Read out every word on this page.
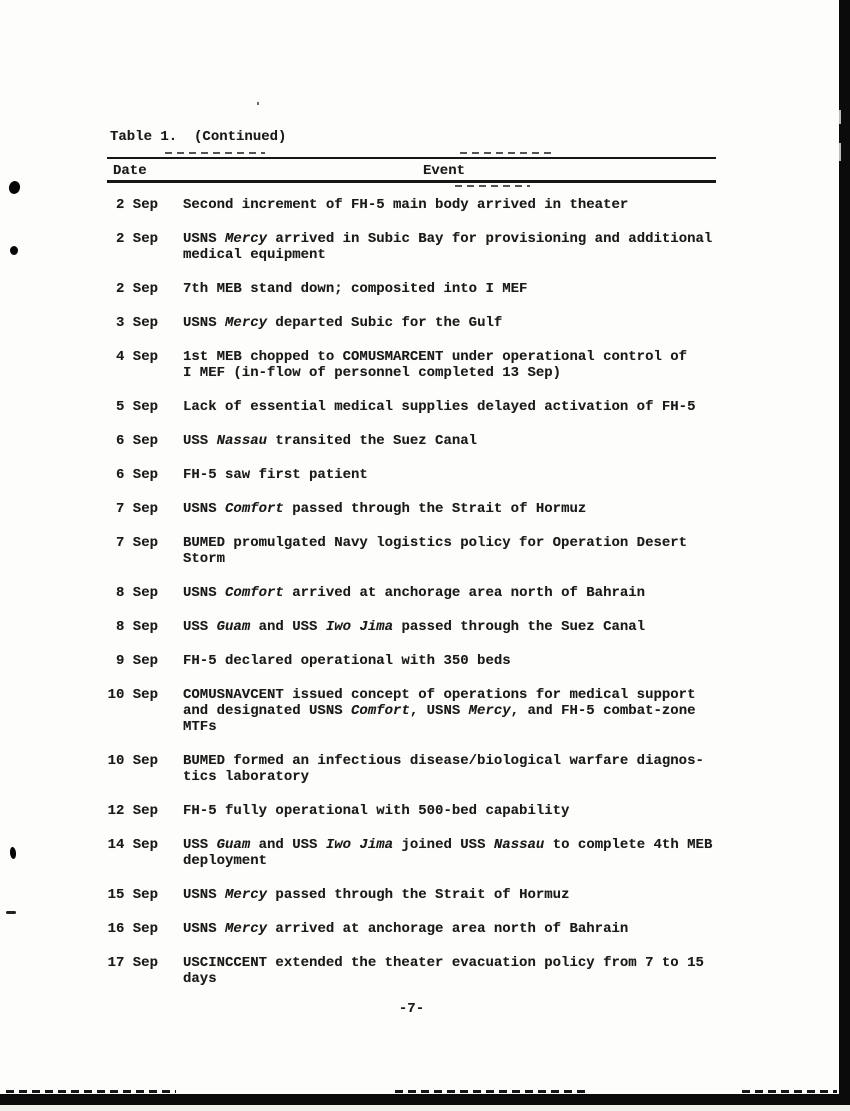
Table 1.  (Continued)
Date	Event
2 Sep Second increment of FH-5 main body arrived in theater
2 Sep USNS Mercy arrived in Subic Bay for provisioning and additional
medical equipment
2 Sep 7th MEB stand down; composited into I MEF
3 Sep USNS Mercy departed Subic for the Gulf
4 Sep 1st MEB chopped to COMUSMARCENT under operational control of
I MEF (in-flow of personnel completed 13 Sep)
5 Sep Lack of essential medical supplies delayed activation of FH-5
6 Sep USS Nassau transited the Suez Canal
6 Sep FH-5 saw first patient
7 Sep USNS Comfort passed through the Strait of Hormuz
7 Sep BUMED promulgated Navy logistics policy for Operation Desert
Storm
8 Sep USNS Comfort arrived at anchorage area north of Bahrain
8 Sep USS Guam and USS Iwo Jima passed through the Suez Canal
9 Sep FH-5 declared operational with 350 beds
10 Sep COMUSNAVCENT issued concept of operations for medical support
and designated USNS Comfort, USNS Mercy, and FH-5 combat-zone
MTFs
10 Sep BUMED formed an infectious disease/biological warfare diagnos-
tics laboratory
12 Sep FH-5 fully operational with 500-bed capability
14 Sep USS Guam and USS Iwo Jima joined USS Nassau to complete 4th MEB
deployment
15 Sep USNS Mercy passed through the Strait of Hormuz
16 Sep USNS Mercy arrived at anchorage area north of Bahrain
17 Sep USCINCCENT extended the theater evacuation policy from 7 to 15
days
-7-
